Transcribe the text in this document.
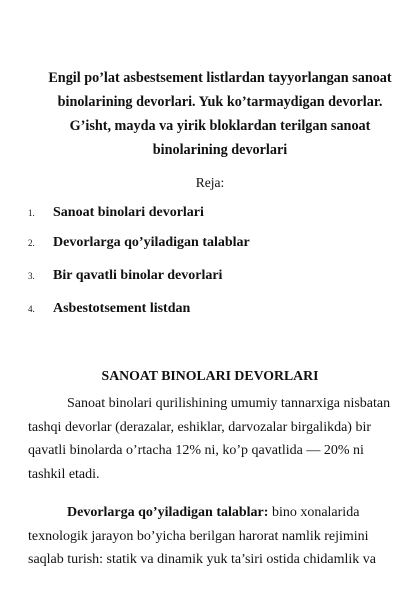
Engil po’lat asbestsement listlardan tayyorlangan sanoat
binolarining devorlari. Yuk ko’tarmaydigan devorlar.
G’isht, mayda va yirik bloklardan terilgan sanoat
binolarining devorlari
Reja:
1. Sanoat binolari devorlari
2. Devorlarga qo’yiladigan talablar
3. Bir qavatli binolar devorlari
4. Asbestotsement listdan
SANOAT BINOLARI DEVORLARI
Sanoat binolari qurilishining umumiy tannarxiga nisbatan
tashqi devorlar (derazalar, eshiklar, darvozalar birgalikda) bir
qavatli binolarda o’rtacha 12% ni, ko’p qavatlida — 20% ni
tashkil etadi.
Devorlarga qo’yiladigan talablar: bino xonalarida
texnologik jarayon bo’yicha berilgan harorat namlik rejimini
saqlab turish: statik va dinamik yuk ta’siri ostida chidamlik va
